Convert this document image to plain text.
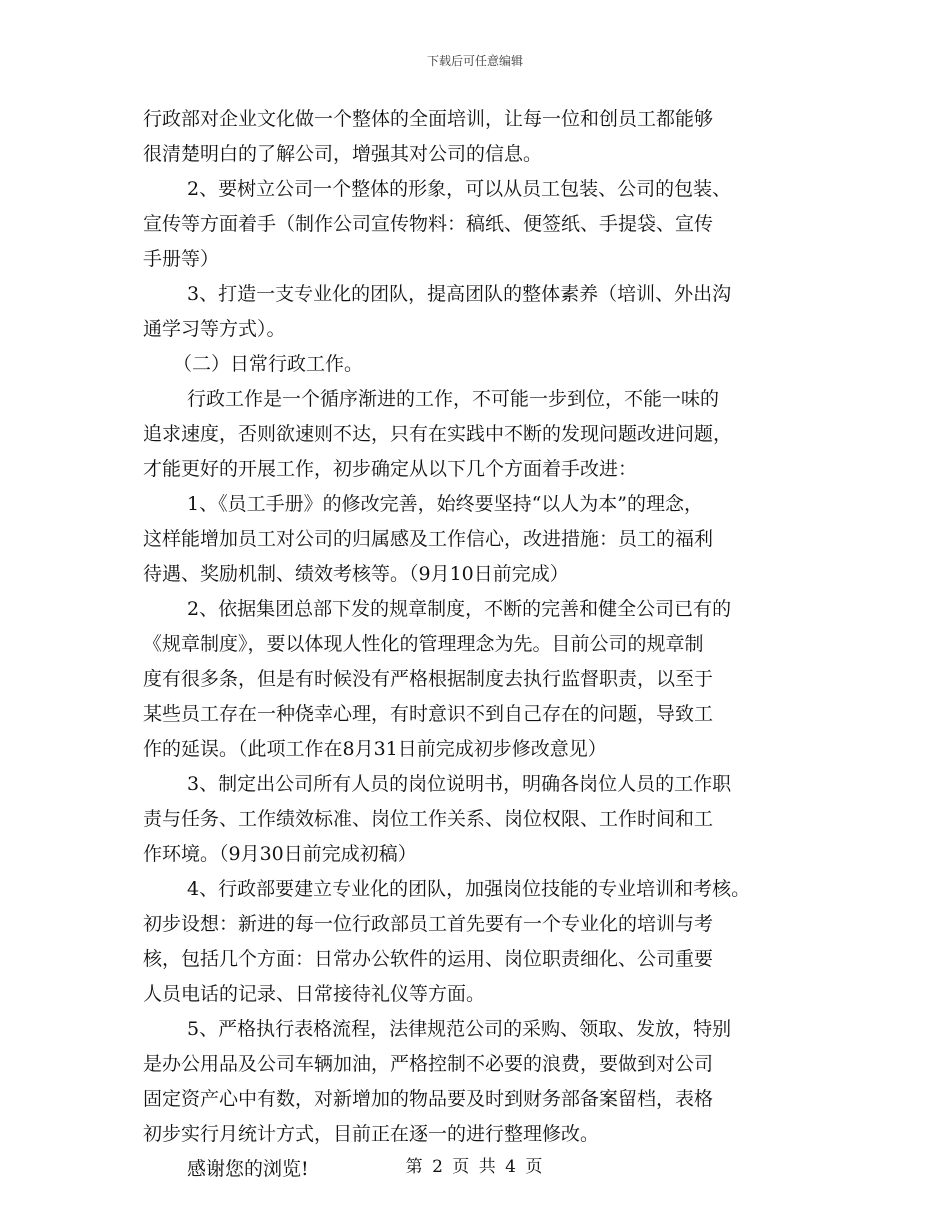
下载后可任意编辑
行政部对企业文化做一个整体的全面培训，让每一位和创员工都能够
很清楚明白的了解公司，增强其对公司的信息。
2、要树立公司一个整体的形象，可以从员工包装、公司的包装、
宣传等方面着手（制作公司宣传物料：稿纸、便签纸、手提袋、宣传
手册等）
3、打造一支专业化的团队，提高团队的整体素养（培训、外出沟
通学习等方式）。
（二）日常行政工作。
行政工作是一个循序渐进的工作，不可能一步到位，不能一味的
追求速度，否则欲速则不达，只有在实践中不断的发现问题改进问题，
才能更好的开展工作，初步确定从以下几个方面着手改进：
1、《员工手册》的修改完善，始终要坚持“以人为本”的理念，
这样能增加员工对公司的归属感及工作信心，改进措施：员工的福利
待遇、奖励机制、绩效考核等。（9月10日前完成）
2、依据集团总部下发的规章制度，不断的完善和健全公司已有的
《规章制度》，要以体现人性化的管理理念为先。目前公司的规章制
度有很多条，但是有时候没有严格根据制度去执行监督职责，以至于
某些员工存在一种侥幸心理，有时意识不到自己存在的问题，导致工
作的延误。（此项工作在8月31日前完成初步修改意见）
3、制定出公司所有人员的岗位说明书，明确各岗位人员的工作职
责与任务、工作绩效标准、岗位工作关系、岗位权限、工作时间和工
作环境。（9月30日前完成初稿）
4、行政部要建立专业化的团队，加强岗位技能的专业培训和考核。
初步设想：新进的每一位行政部员工首先要有一个专业化的培训与考
核，包括几个方面：日常办公软件的运用、岗位职责细化、公司重要
人员电话的记录、日常接待礼仪等方面。
5、严格执行表格流程，法律规范公司的采购、领取、发放，特别
是办公用品及公司车辆加油，严格控制不必要的浪费，要做到对公司
固定资产心中有数，对新增加的物品要及时到财务部备案留档，表格
初步实行月统计方式，目前正在逐一的进行整理修改。
感谢您的浏览!	第 2 页 共 4 页
